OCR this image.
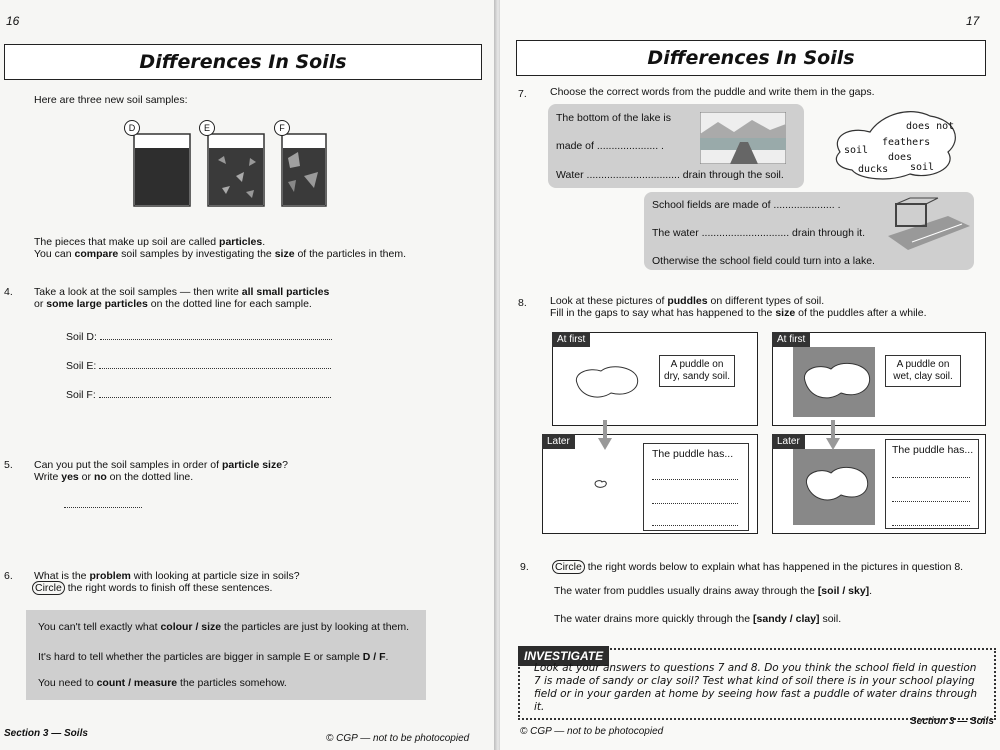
16
Differences In Soils
Here are three new soil samples:
D	E	F
The pieces that make up soil are called particles.
You can compare soil samples by investigating the size of the particles in them.
4. Take a look at the soil samples — then write all small particles
or some large particles on the dotted line for each sample.
Soil D:
Soil E:
Soil F:
5. Can you put the soil samples in order of particle size?
Write yes or no on the dotted line.
6. What is the problem with looking at particle size in soils?
Circle the right words to finish off these sentences.
You can't tell exactly what colour / size the particles are just by looking at them.
It's hard to tell whether the particles are bigger in sample E or sample D / F.
You need to count / measure the particles somehow.
Section 3 — Soils	© CGP — not to be photocopied
17
Differences In Soils
7. Choose the correct words from the puddle and write them in the gaps.
The bottom of the lake is
made of ..................... .
Water ................................ drain through the soil.
does not
feathers
soil
does
ducks soil
School fields are made of ..................... .
The water .............................. drain through it.
Otherwise the school field could turn into a lake.
8. Look at these pictures of puddles on different types of soil.
Fill in the gaps to say what has happened to the size of the puddles after a while.
At first
A puddle on dry, sandy soil.
At first
A puddle on wet, clay soil.
Later
The puddle has...
Later
The puddle has...
9. Circle the right words below to explain what has happened in the pictures in question 8.
The water from puddles usually drains away through the [soil / sky].
The water drains more quickly through the [sandy / clay] soil.
Section 3 — Soils
© CGP — not to be photocopied
INVESTIGATE
Look at your answers to questions 7 and 8. Do you think the school field in question 7 is made of sandy or clay soil? Test what kind of soil there is in your school playing field or in your garden at home by seeing how fast a puddle of water drains through it.
